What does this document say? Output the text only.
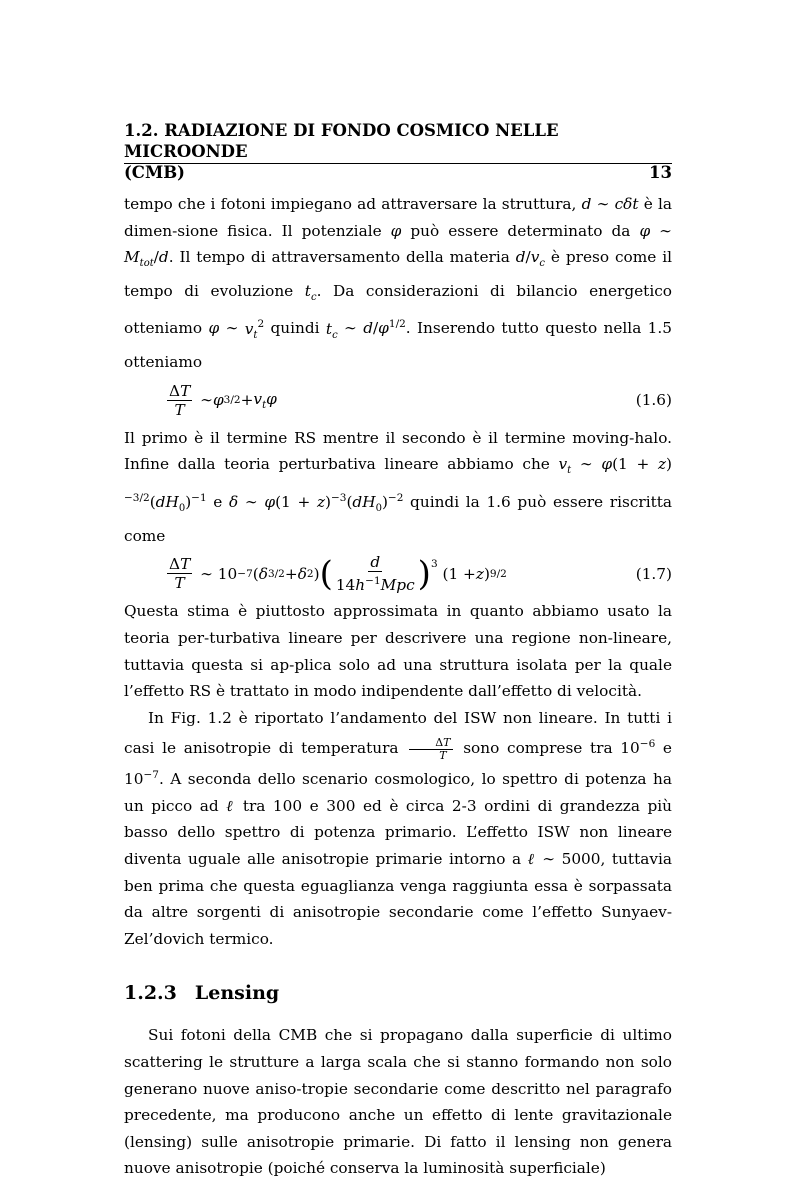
1.2. RADIAZIONE DI FONDO COSMICO NELLE MICROONDE
(CMB)	13

tempo che i fotoni impiegano ad attraversare la struttura, d ∼ cδt è la dimen-sione fisica. Il potenziale φ può essere determinato da φ ∼ $M_{tot}/d$. Il tempo di attraversamento della materia $d/v_c$ è preso come il tempo di evoluzione $t_c$. Da considerazioni di bilancio energetico otteniamo φ ∼ $v_t^2$ quindi $t_c$ ∼ $d/\varphi^{1/2}$. Inserendo tutto questo nella 1.5 otteniamo

$\frac{\Delta T}{T}$ ∼ φ $3/2 + v_t\varphi$	(1.6)

Il primo è il termine RS mentre il secondo è il termine moving-halo. Infine dalla teoria perturbativa lineare abbiamo che $v_t$ ∼ $\varphi(1 + z)^{-3/2}(dH_0)^{-1}$ e δ ∼ $\varphi(1 + z)^{-3}(dH_0)^{-2}$ quindi la 1.6 può essere riscritta come

$\frac{\Delta T}{T}$ ∼ 10 −7 ( δ 3/2 + δ 2 ) ( $\frac{d}{14h^{-1}Mpc} )^3$
(1 + z ) 9/2	(1.7)

Questa stima è piuttosto approssimata in quanto abbiamo usato la teoria per-turbativa lineare per descrivere una regione non-lineare, tuttavia questa si ap-plica solo ad una struttura isolata per la quale l’effetto RS è trattato in modo indipendente dall’effetto di velocità.

In Fig. 1.2 è riportato l’andamento del ISW non lineare. In tutti i casi le anisotropie di temperatura $\frac{\Delta T}{T}$ sono comprese tra $10^{-6}$ e $10^{-7}$. A seconda dello scenario cosmologico, lo spettro di potenza ha un picco ad ℓ tra 100 e 300 ed è circa 2-3 ordini di grandezza più basso dello spettro di potenza primario. L’effetto ISW non lineare diventa uguale alle anisotropie primarie intorno a ℓ ∼ 5000, tuttavia ben prima che questa eguaglianza venga raggiunta essa è sorpassata da altre sorgenti di anisotropie secondarie come l’effetto Sunyaev-Zel’dovich termico.

1.2.3 Lensing

Sui fotoni della CMB che si propagano dalla superficie di ultimo scattering le strutture a larga scala che si stanno formando non solo generano nuove aniso-tropie secondarie come descritto nel paragrafo precedente, ma producono anche un effetto di lente gravitazionale (lensing) sulle anisotropie primarie. Di fatto il lensing non genera nuove anisotropie (poiché conserva la luminosità superficiale)
